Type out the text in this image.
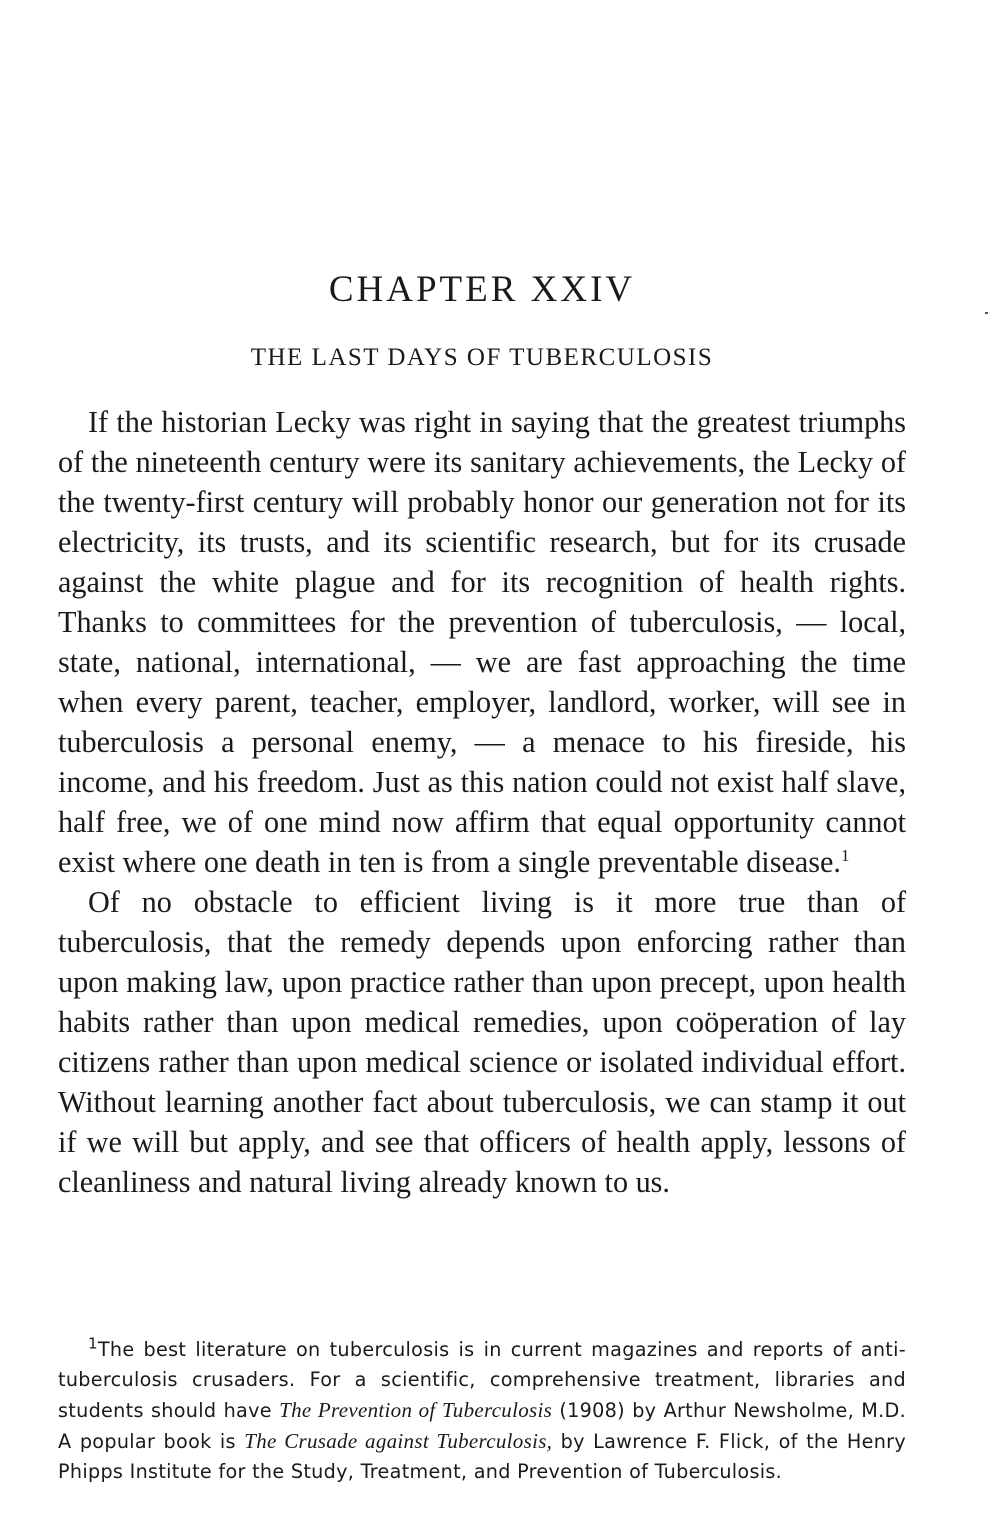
CHAPTER XXIV
THE LAST DAYS OF TUBERCULOSIS

If the historian Lecky was right in saying that the greatest triumphs of the nineteenth century were its sanitary achievements, the Lecky of the twenty-first century will probably honor our generation not for its electricity, its trusts, and its scientific research, but for its crusade against the white plague and for its recognition of health rights. Thanks to committees for the prevention of tuberculosis, — local, state, national, international, — we are fast approaching the time when every parent, teacher, employer, landlord, worker, will see in tuberculosis a personal enemy, — a menace to his fireside, his income, and his freedom. Just as this nation could not exist half slave, half free, we of one mind now affirm that equal opportunity cannot exist where one death in ten is from a single preventable disease.$^1$

Of no obstacle to efficient living is it more true than of tuberculosis, that the remedy depends upon enforcing rather than upon making law, upon practice rather than upon precept, upon health habits rather than upon medical remedies, upon coöperation of lay citizens rather than upon medical science or isolated individual effort. Without learning another fact about tuberculosis, we can stamp it out if we will but apply, and see that officers of health apply, lessons of cleanliness and natural living already known to us.

$^1$The best literature on tuberculosis is in current magazines and reports of anti-tuberculosis crusaders. For a scientific, comprehensive treatment, libraries and students should have The Prevention of Tuberculosis (1908) by Arthur Newsholme, M.D. A popular book is The Crusade against Tuberculosis, by Lawrence F. Flick, of the Henry Phipps Institute for the Study, Treatment, and Prevention of Tuberculosis.
